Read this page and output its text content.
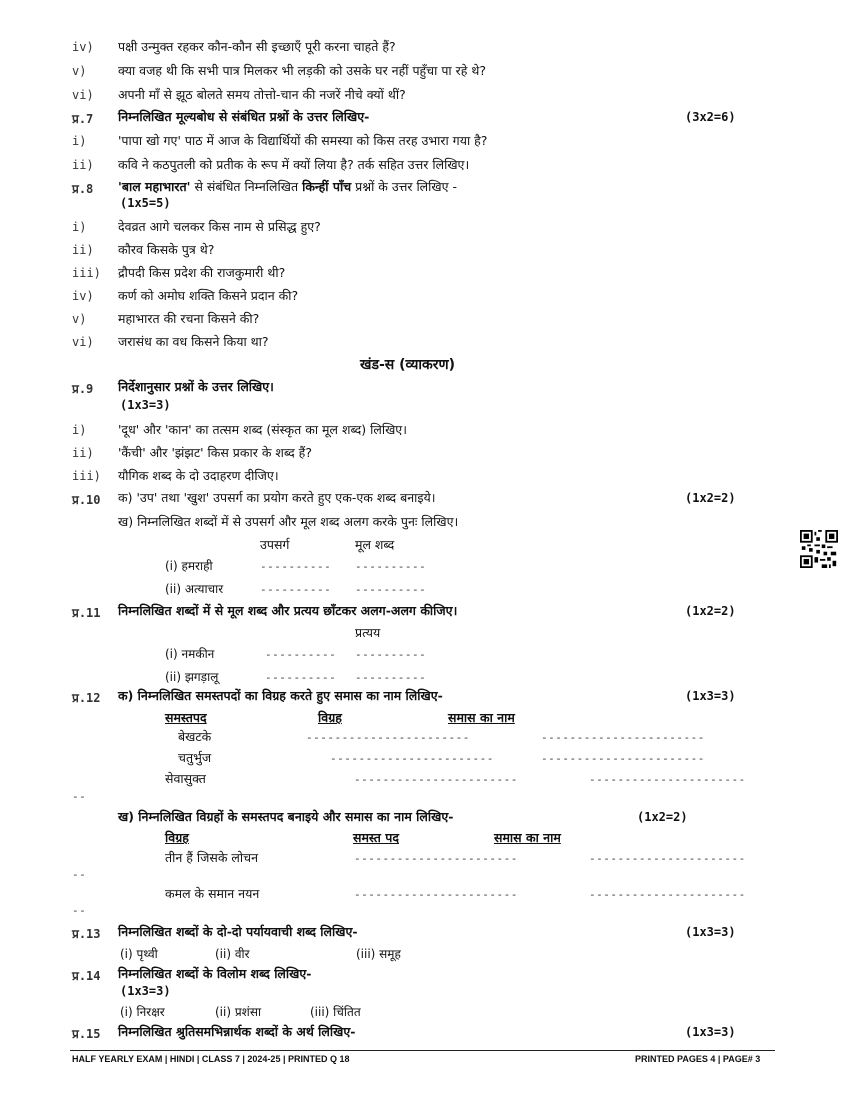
iv) पक्षी उन्मुक्त रहकर कौन-कौन सी इच्छाएँ पूरी करना चाहते हैं?
v)	क्या वजह थी कि सभी पात्र मिलकर भी लड़की को उसके घर नहीं पहुँचा पा रहे थे?
vi) अपनी माँ से झूठ बोलते समय तोत्तो-चान की नजरें नीचे क्यों थीं?
प्र.7 निम्नलिखित मूल्यबोध से संबंधित प्रश्नों के उत्तर लिखिए-	(3x2=6)
i)	'पापा खो गए' पाठ में आज के विद्यार्थियों की समस्या को किस तरह उभारा गया है?
ii) कवि ने कठपुतली को प्रतीक के रूप में क्यों लिया है? तर्क सहित उत्तर लिखिए।
प्र.8 'बाल महाभारत' से संबंधित निम्नलिखित किन्हीं पाँच प्रश्नों के उत्तर लिखिए -
(1x5=5)
i)	देवव्रत आगे चलकर किस नाम से प्रसिद्ध हुए?
ii) कौरव किसके पुत्र थे?
iii) द्रौपदी किस प्रदेश की राजकुमारी थी?
iv) कर्ण को अमोघ शक्ति किसने प्रदान की?
v)	महाभारत की रचना किसने की?
vi) जरासंध का वध किसने किया था?
खंड-स (व्याकरण)
प्र.9 निर्देशानुसार प्रश्नों के उत्तर लिखिए।
(1x3=3)
i)	'दूध' और 'कान' का तत्सम शब्द (संस्कृत का मूल शब्द) लिखिए।
ii) 'कैंची' और 'झंझट' किस प्रकार के शब्द हैं?
iii) यौगिक शब्द के दो उदाहरण दीजिए।
प्र.10 क) 'उप' तथा 'खुश' उपसर्ग का प्रयोग करते हुए एक-एक शब्द बनाइये।	(1x2=2)
ख) निम्नलिखित शब्दों में से उपसर्ग और मूल शब्द अलग करके पुनः लिखिए।
उपसर्ग	मूल शब्द
(i) हमराही	---------- ----------
(ii) अत्याचार	---------- ----------
प्र.11 निम्नलिखित शब्दों में से मूल शब्द और प्रत्यय छाँटकर अलग-अलग कीजिए।	(1x2=2)
प्रत्यय
(i) नमकीन	---------- ----------
(ii) झगड़ालू	---------- ----------
प्र.12 क) निम्नलिखित समस्तपदों का विग्रह करते हुए समास का नाम लिखिए-	(1x3=3)
समस्तपद	विग्रह	समास का नाम
बेखटके	-----------------------	-----------------------
चतुर्भुज	-----------------------	-----------------------
सेवासुक्त	-----------------------	----------------------
--
ख) निम्नलिखित विग्रहों के समस्तपद बनाइये और समास का नाम लिखिए-	(1x2=2)
विग्रह	समस्त पद	समास का नाम
तीन हैं जिसके लोचन	-----------------------	----------------------
--
कमल के समान नयन	-----------------------	----------------------
--
प्र.13 निम्नलिखित शब्दों के दो-दो पर्यायवाची शब्द लिखिए-	(1x3=3)
(i) पृथ्वी	(ii) वीर	(iii) समूह
प्र.14 निम्नलिखित शब्दों के विलोम शब्द लिखिए-
(1x3=3)
(i) निरक्षर	(ii) प्रशंसा	(iii) चिंतित
प्र.15 निम्नलिखित श्रुतिसमभिन्नार्थक शब्दों के अर्थ लिखिए-	(1x3=3)
HALF YEARLY EXAM | HINDI | CLASS 7 | 2024-25 | PRINTED Q 18	PRINTED PAGES 4 | PAGE# 3
